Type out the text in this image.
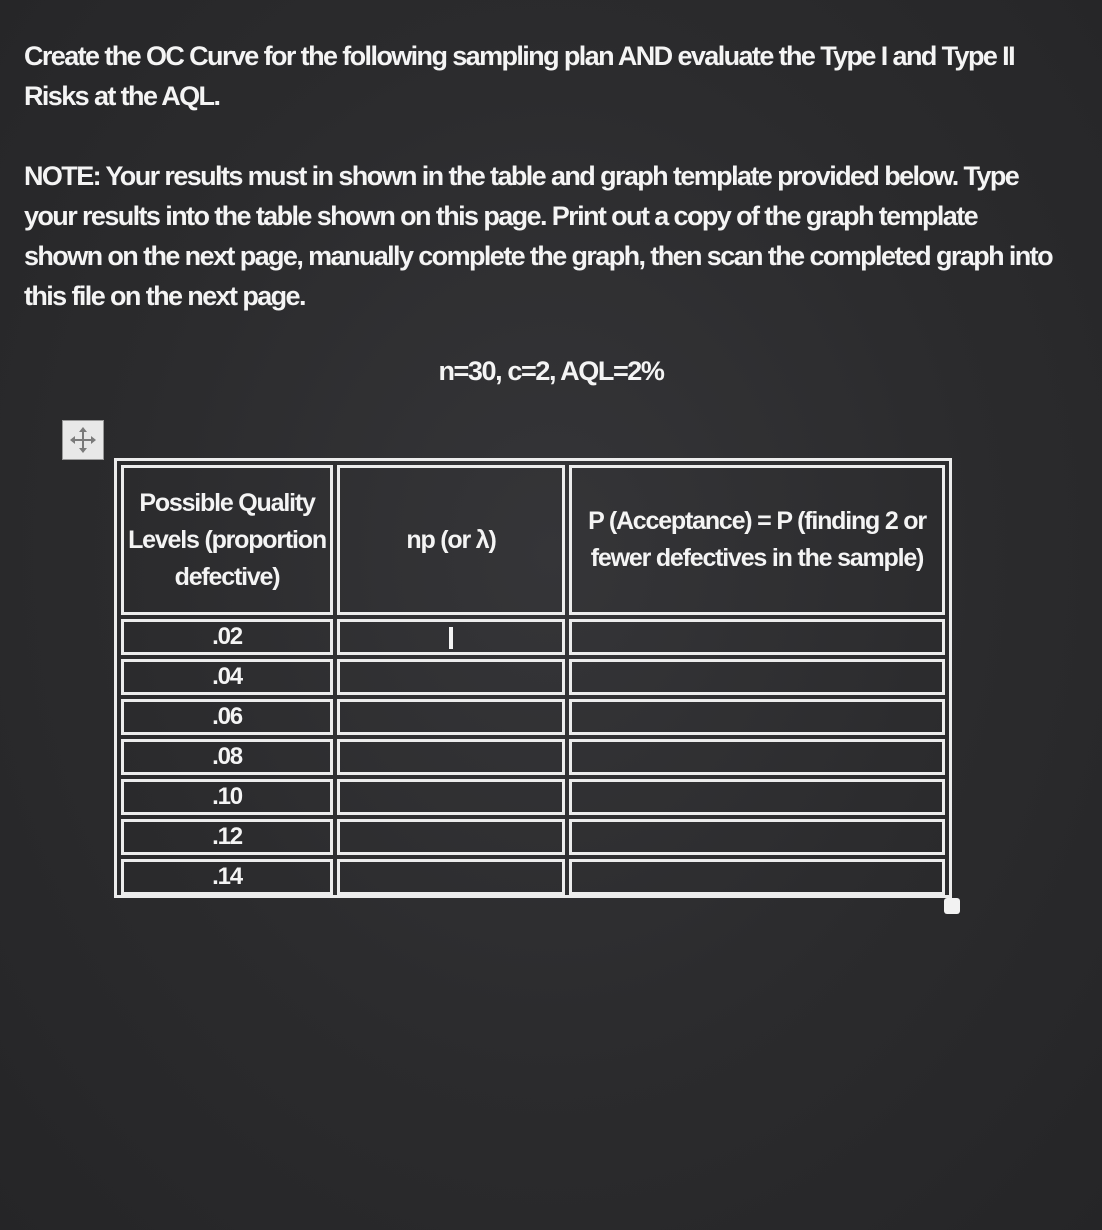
Create the OC Curve for the following sampling plan AND evaluate the Type I and Type II Risks at the AQL.
NOTE: Your results must in shown in the table and graph template provided below. Type your results into the table shown on this page. Print out a copy of the graph template shown on the next page, manually complete the graph, then scan the completed graph into this file on the next page.
n=30, c=2, AQL=2%
Possible Quality Levels (proportion defective)	np (or λ)	P (Acceptance) = P (finding 2 or fewer defectives in the sample)
.02		
.04		
.06		
.08		
.10		
.12		
.14		
